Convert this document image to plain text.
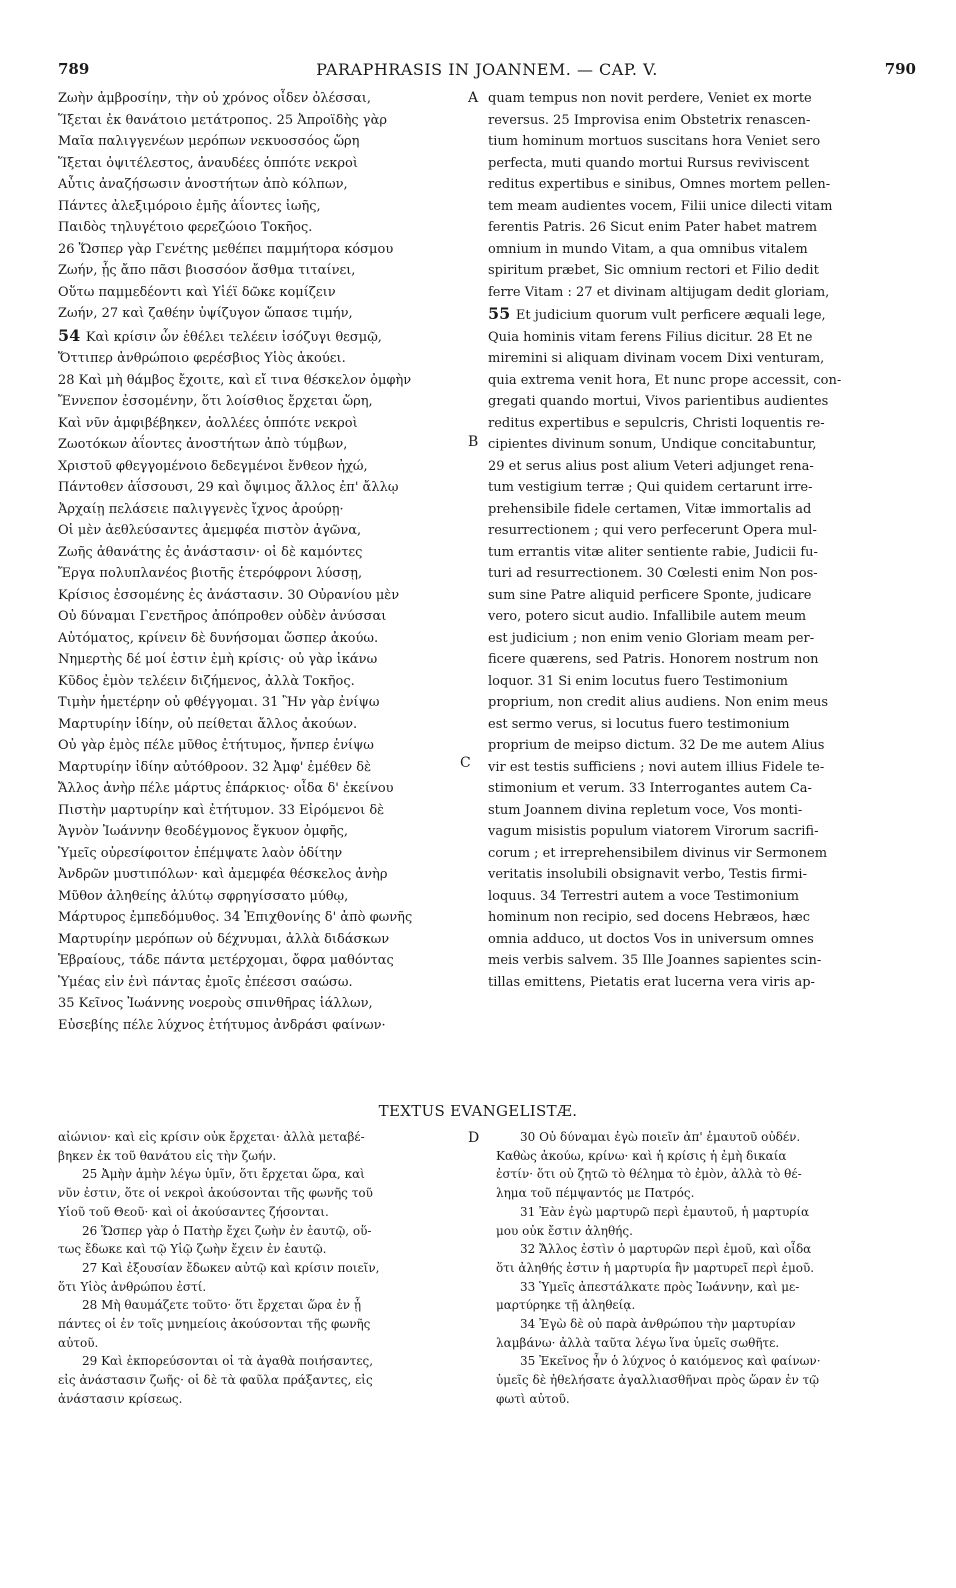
789	PARAPHRASIS IN JOANNEM. — CAP. V.	790
Ζωὴν ἀμβροσίην, τὴν οὐ χρόνος οἶδεν ὀλέσσαι,
Ἵξεται ἐκ θανάτοιο μετάτροπος. 25 Ἀπροϊδὴς γὰρ
Μαῖα παλιγγενέων μερόπων νεκυοσσόος ὥρη
Ἵξεται ὀψιτέλεστος, ἀναυδέες ὁππότε νεκροὶ
Αὖτις ἀναζήσωσιν ἀνοστήτων ἀπὸ κόλπων,
Πάντες ἀλεξιμόροιο ἐμῆς ἀΐοντες ἰωῆς,
Παιδὸς τηλυγέτοιο φερεζώοιο Τοκῆος.
26 Ὥσπερ γὰρ Γενέτης μεθέπει παμμήτορα κόσμου
Ζωήν, ᾗς ἄπο πᾶσι βιοσσόον ἄσθμα τιταίνει,
Οὕτω παμμεδέοντι καὶ Υἱέϊ δῶκε κομίζειν
Ζωήν, 27 καὶ ζαθέην ὑψίζυγον ὤπασε τιμήν,
54 Καὶ κρίσιν ὧν ἐθέλει τελέειν ἰσόζυγι θεσμῷ,
Ὅττιπερ ἀνθρώποιο φερέσβιος Υἱὸς ἀκούει.
28 Καὶ μὴ θάμβος ἔχοιτε, καὶ εἴ τινα θέσκελον ὀμφὴν
Ἔννεπον ἐσσομένην, ὅτι λοίσθιος ἔρχεται ὥρη,
Καὶ νῦν ἀμφιβέβηκεν, ἀολλέες ὁππότε νεκροὶ
Ζωοτόκων ἀΐοντες ἀνοστήτων ἀπὸ τύμβων,
Χριστοῦ φθεγγομένοιο δεδεγμένοι ἔνθεον ἠχώ,
Πάντοθεν ἀΐσσουσι, 29 καὶ ὄψιμος ἄλλος ἐπ' ἄλλῳ
Ἀρχαίῃ πελάσειε παλιγγενὲς ἴχνος ἀρούρῃ·
Οἱ μὲν ἀεθλεύσαντες ἀμεμφέα πιστὸν ἀγῶνα,
Ζωῆς ἀθανάτης ἐς ἀνάστασιν· οἱ δὲ καμόντες
Ἔργα πολυπλανέος βιοτῆς ἑτερόφρονι λύσσῃ,
Κρίσιος ἐσσομένης ἐς ἀνάστασιν. 30 Οὐρανίου μὲν
Οὐ δύναμαι Γενετῆρος ἀπόπροθεν οὐδὲν ἀνύσσαι
Αὐτόματος, κρίνειν δὲ δυνήσομαι ὥσπερ ἀκούω.
Νημερτὴς δέ μοί ἐστιν ἐμὴ κρίσις· οὐ γὰρ ἱκάνω
Κῦδος ἐμὸν τελέειν διζήμενος, ἀλλὰ Τοκῆος.
Τιμὴν ἡμετέρην οὐ φθέγγομαι. 31 Ἢν γὰρ ἐνίψω
Μαρτυρίην ἰδίην, οὐ πείθεται ἄλλος ἀκούων.
Οὐ γὰρ ἐμὸς πέλε μῦθος ἐτήτυμος, ἤνπερ ἐνίψω
Μαρτυρίην ἰδίην αὐτόθροον. 32 Ἀμφ' ἐμέθεν δὲ
Ἄλλος ἀνὴρ πέλε μάρτυς ἐπάρκιος· οἶδα δ' ἐκείνου
Πιστὴν μαρτυρίην καὶ ἐτήτυμον. 33 Εἰρόμενοι δὲ
Ἁγνὸν Ἰωάννην θεοδέγμονος ἔγκυον ὀμφῆς,
Ὑμεῖς οὐρεσίφοιτον ἐπέμψατε λαὸν ὁδίτην
Ἀνδρῶν μυστιπόλων· καὶ ἀμεμφέα θέσκελος ἀνὴρ
Μῦθον ἀληθείης ἀλύτῳ σφρηγίσσατο μύθῳ,
Μάρτυρος ἐμπεδόμυθος. 34 Ἐπιχθονίης δ' ἀπὸ φωνῆς
Μαρτυρίην μερόπων οὐ δέχνυμαι, ἀλλὰ διδάσκων
Ἑβραίους, τάδε πάντα μετέρχομαι, ὄφρα μαθόντας
Ὑμέας εἰν ἑνὶ πάντας ἐμοῖς ἐπέεσσι σαώσω.
35 Κεῖνος Ἰωάννης νοεροὺς σπινθῆρας ἰάλλων,
Εὐσεβίης πέλε λύχνος ἐτήτυμος ἀνδράσι φαίνων·
quam tempus non novit perdere, Veniet ex morte
reversus. 25 Improvisa enim Obstetrix renascen-
tium hominum mortuos suscitans hora Veniet sero
perfecta, muti quando mortui Rursus reviviscent
reditus expertibus e sinibus, Omnes mortem pellen-
tem meam audientes vocem, Filii unice dilecti vitam
ferentis Patris. 26 Sicut enim Pater habet matrem
omnium in mundo Vitam, a qua omnibus vitalem
spiritum præbet, Sic omnium rectori et Filio dedit
ferre Vitam : 27 et divinam altijugam dedit gloriam,
55 Et judicium quorum vult perficere æquali lege,
Quia hominis vitam ferens Filius dicitur. 28 Et ne
miremini si aliquam divinam vocem Dixi venturam,
quia extrema venit hora, Et nunc prope accessit, con-
gregati quando mortui, Vivos parientibus audientes
reditus expertibus e sepulcris, Christi loquentis re-
cipientes divinum sonum, Undique concitabuntur,
29 et serus alius post alium Veteri adjunget rena-
tum vestigium terræ ; Qui quidem certarunt irre-
prehensibile fidele certamen, Vitæ immortalis ad
resurrectionem ; qui vero perfecerunt Opera mul-
tum errantis vitæ aliter sentiente rabie, Judicii fu-
turi ad resurrectionem. 30 Cœlesti enim Non pos-
sum sine Patre aliquid perficere Sponte, judicare
vero, potero sicut audio. Infallibile autem meum
est judicium ; non enim venio Gloriam meam per-
ficere quærens, sed Patris. Honorem nostrum non
loquor. 31 Si enim locutus fuero Testimonium
proprium, non credit alius audiens. Non enim meus
est sermo verus, si locutus fuero testimonium
proprium de meipso dictum. 32 De me autem Alius
vir est testis sufficiens ; novi autem illius Fidele te-
stimonium et verum. 33 Interrogantes autem Ca-
stum Joannem divina repletum voce, Vos monti-
vagum misistis populum viatorem Virorum sacrifi-
corum ; et irreprehensibilem divinus vir Sermonem
veritatis insolubili obsignavit verbo, Testis firmi-
loquus. 34 Terrestri autem a voce Testimonium
hominum non recipio, sed docens Hebræos, hæc
omnia adduco, ut doctos Vos in universum omnes
meis verbis salvem. 35 Ille Joannes sapientes scin-
tillas emittens, Pietatis erat lucerna vera viris ap-
A
B
C
D
TEXTUS EVANGELISTÆ.
αἰώνιον· καὶ εἰς κρίσιν οὐκ ἔρχεται· ἀλλὰ μεταβέ-
βηκεν ἐκ τοῦ θανάτου εἰς τὴν ζωήν.
25 Ἀμὴν ἀμὴν λέγω ὑμῖν, ὅτι ἔρχεται ὥρα, καὶ
νῦν ἐστιν, ὅτε οἱ νεκροὶ ἀκούσονται τῆς φωνῆς τοῦ
Υἱοῦ τοῦ Θεοῦ· καὶ οἱ ἀκούσαντες ζήσονται.
26 Ὥσπερ γὰρ ὁ Πατὴρ ἔχει ζωὴν ἐν ἑαυτῷ, οὕ-
τως ἔδωκε καὶ τῷ Υἱῷ ζωὴν ἔχειν ἐν ἑαυτῷ.
27 Καὶ ἐξουσίαν ἔδωκεν αὐτῷ καὶ κρίσιν ποιεῖν,
ὅτι Υἱὸς ἀνθρώπου ἐστί.
28 Μὴ θαυμάζετε τοῦτο· ὅτι ἔρχεται ὥρα ἐν ᾗ
πάντες οἱ ἐν τοῖς μνημείοις ἀκούσονται τῆς φωνῆς
αὐτοῦ.
29 Καὶ ἐκπορεύσονται οἱ τὰ ἀγαθὰ ποιήσαντες,
εἰς ἀνάστασιν ζωῆς· οἱ δὲ τὰ φαῦλα πράξαντες, εἰς
ἀνάστασιν κρίσεως.
30 Οὐ δύναμαι ἐγὼ ποιεῖν ἀπ' ἐμαυτοῦ οὐδέν.
Καθὼς ἀκούω, κρίνω· καὶ ἡ κρίσις ἡ ἐμὴ δικαία
ἐστίν· ὅτι οὐ ζητῶ τὸ θέλημα τὸ ἐμὸν, ἀλλὰ τὸ θέ-
λημα τοῦ πέμψαντός με Πατρός.
31 Ἐὰν ἐγὼ μαρτυρῶ περὶ ἐμαυτοῦ, ἡ μαρτυρία
μου οὐκ ἔστιν ἀληθής.
32 Ἄλλος ἐστὶν ὁ μαρτυρῶν περὶ ἐμοῦ, καὶ οἶδα
ὅτι ἀληθής ἐστιν ἡ μαρτυρία ἣν μαρτυρεῖ περὶ ἐμοῦ.
33 Ὑμεῖς ἀπεστάλκατε πρὸς Ἰωάννην, καὶ με-
μαρτύρηκε τῇ ἀληθείᾳ.
34 Ἐγὼ δὲ οὐ παρὰ ἀνθρώπου τὴν μαρτυρίαν
λαμβάνω· ἀλλὰ ταῦτα λέγω ἵνα ὑμεῖς σωθῆτε.
35 Ἐκεῖνος ἦν ὁ λύχνος ὁ καιόμενος καὶ φαίνων·
ὑμεῖς δὲ ἠθελήσατε ἀγαλλιασθῆναι πρὸς ὥραν ἐν τῷ
φωτὶ αὐτοῦ.
